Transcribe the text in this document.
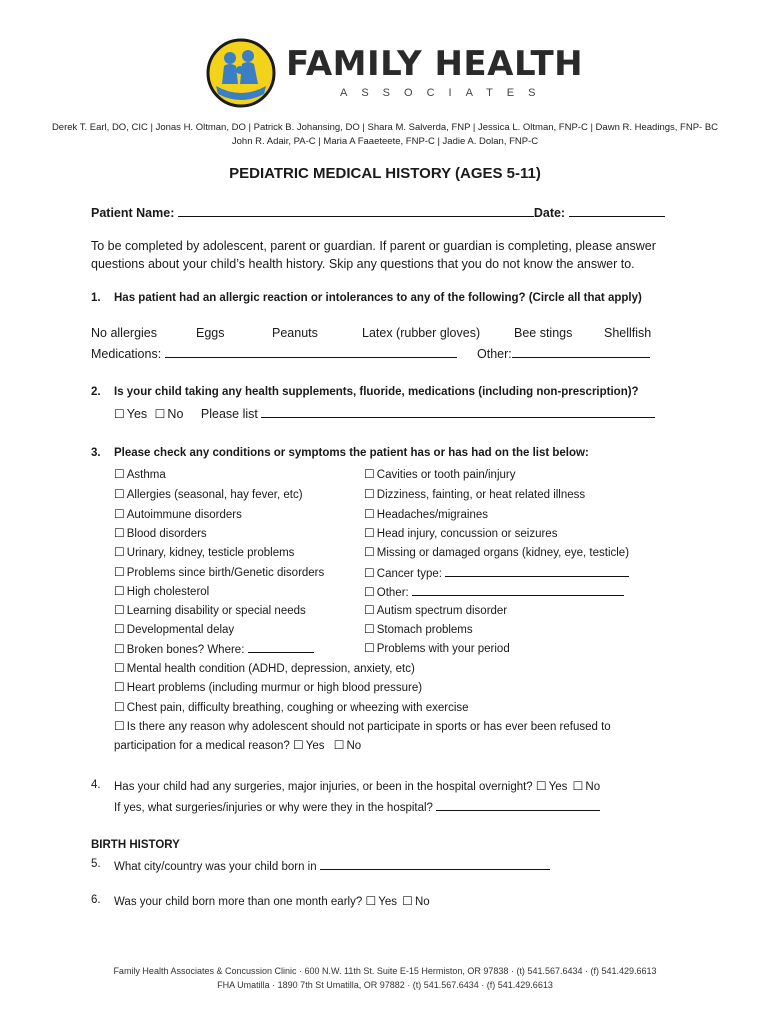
FAMILY HEALTH
ASSOCIATES
Derek T. Earl, DO, CIC | Jonas H. Oltman, DO | Patrick B. Johansing, DO | Shara M. Salverda, FNP | Jessica L. Oltman, FNP-C | Dawn R. Headings, FNP- BC
John R. Adair, PA-C | Maria A Faaeteete, FNP-C | Jadie A. Dolan, FNP-C
PEDIATRIC MEDICAL HISTORY (AGES 5-11)
Patient Name:	Date:
To be completed by adolescent, parent or guardian. If parent or guardian is completing, please answer
questions about your child’s health history. Skip any questions that you do not know the answer to.
1. Has patient had an allergic reaction or intolerances to any of the following? (Circle all that apply)
No allergies	Eggs	Peanuts	Latex (rubber gloves)	Bee stings	Shellfish
Medications:	Other:
2. Is your child taking any health supplements, fluoride, medications (including non-prescription)?
☐ Yes ☐ No Please list
3. Please check any conditions or symptoms the patient has or has had on the list below:
☐ Asthma
☐ Allergies (seasonal, hay fever, etc)
☐ Autoimmune disorders
☐ Blood disorders
☐ Urinary, kidney, testicle problems
☐ Problems since birth/Genetic disorders
☐ High cholesterol
☐ Learning disability or special needs
☐ Developmental delay
☐ Broken bones? Where:
☐ Cavities or tooth pain/injury
☐ Dizziness, fainting, or heat related illness
☐ Headaches/migraines
☐ Head injury, concussion or seizures
☐ Missing or damaged organs (kidney, eye, testicle)
☐ Cancer type:
☐ Other:
☐ Autism spectrum disorder
☐ Stomach problems
☐ Problems with your period
☐ Mental health condition (ADHD, depression, anxiety, etc)
☐ Heart problems (including murmur or high blood pressure)
☐ Chest pain, difficulty breathing, coughing or wheezing with exercise
☐ Is there any reason why adolescent should not participate in sports or has ever been refused to
participation for a medical reason? ☐ Yes ☐ No
4. Has your child had any surgeries, major injuries, or been in the hospital overnight? ☐ Yes ☐ No
If yes, what surgeries/injuries or why were they in the hospital?
BIRTH HISTORY
5. What city/country was your child born in
6. Was your child born more than one month early? ☐ Yes ☐ No
Family Health Associates & Concussion Clinic · 600 N.W. 11th St. Suite E-15 Hermiston, OR 97838 · (t) 541.567.6434 · (f) 541.429.6613
FHA Umatilla · 1890 7th St Umatilla, OR 97882 · (t) 541.567.6434 · (f) 541.429.6613
